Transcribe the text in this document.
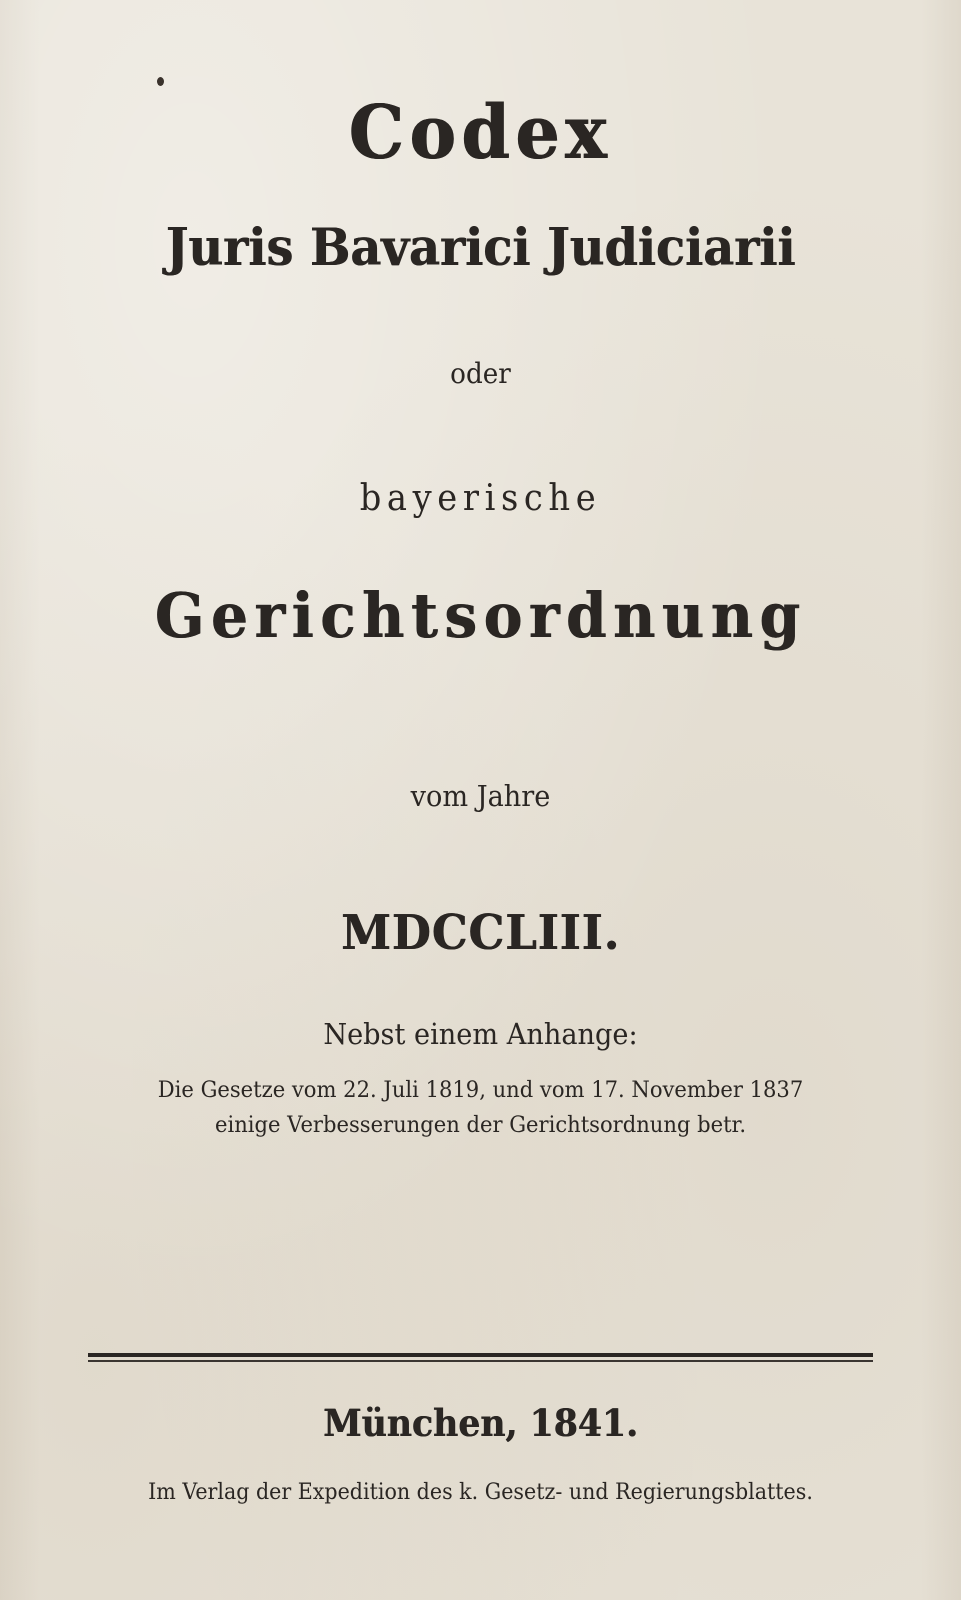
Codex
Juris Bavarici Judiciarii
oder
bayerische
Gerichtsordnung
vom Jahre
MDCCLIII.
Nebst einem Anhange:
Die Gesetze vom 22. Juli 1819, und vom 17. November 1837
einige Verbesserungen der Gerichtsordnung betr.
München, 1841.
Im Verlag der Expedition des k. Gesetz- und Regierungsblattes.
